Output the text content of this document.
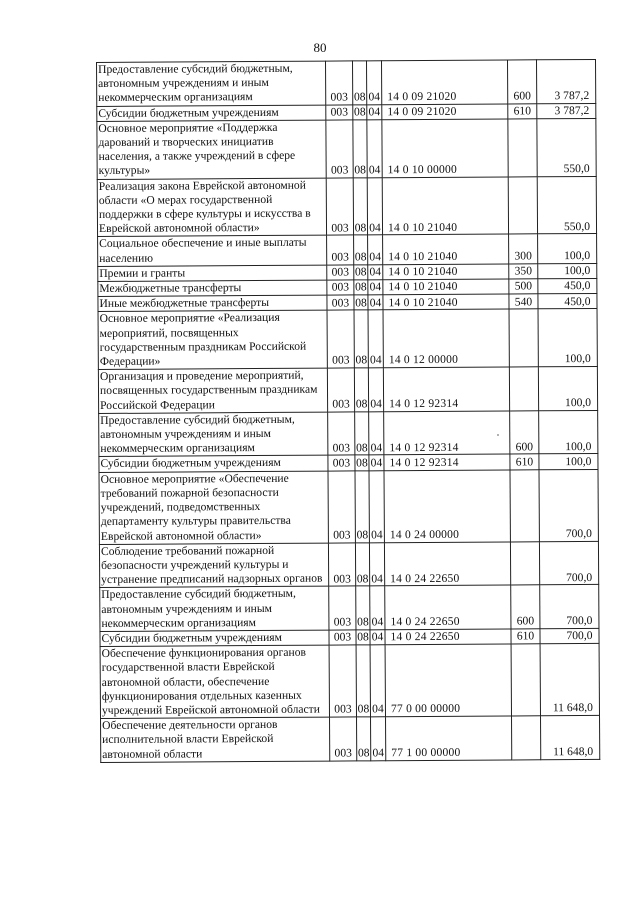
80
Предоставление субсидий бюджетным, автономным учреждениям и иным некоммерческим организациям	003	08	04	14 0 09 21020	600	3 787,2
Субсидии бюджетным учреждениям	003	08	04	14 0 09 21020	610	3 787,2
Основное мероприятие «Поддержка дарований и творческих инициатив населения, а также учреждений в сфере культуры»	003	08	04	14 0 10 00000		550,0
Реализация закона Еврейской автономной области «О мерах государственной поддержки в сфере культуры и искусства в Еврейской автономной области»	003	08	04	14 0 10 21040		550,0
Социальное обеспечение и иные выплаты населению	003	08	04	14 0 10 21040	300	100,0
Премии и гранты	003	08	04	14 0 10 21040	350	100,0
Межбюджетные трансферты	003	08	04	14 0 10 21040	500	450,0
Иные межбюджетные трансферты	003	08	04	14 0 10 21040	540	450,0
Основное мероприятие «Реализация мероприятий, посвященных государственным праздникам Российской Федерации»	003	08	04	14 0 12 00000		100,0
Организация и проведение мероприятий, посвященных государственным праздникам Российской Федерации	003	08	04	14 0 12 92314		100,0
Предоставление субсидий бюджетным, автономным учреждениям и иным некоммерческим организациям	003	08	04	14 0 12 92314	600	100,0
Субсидии бюджетным учреждениям	003	08	04	14 0 12 92314	610	100,0
Основное мероприятие «Обеспечение требований пожарной безопасности учреждений, подведомственных департаменту культуры правительства Еврейской автономной области»	003	08	04	14 0 24 00000		700,0
Соблюдение требований пожарной безопасности учреждений культуры и устранение предписаний надзорных органов	003	08	04	14 0 24 22650		700,0
Предоставление субсидий бюджетным, автономным учреждениям и иным некоммерческим организациям	003	08	04	14 0 24 22650	600	700,0
Субсидии бюджетным учреждениям	003	08	04	14 0 24 22650	610	700,0
Обеспечение функционирования органов государственной власти Еврейской автономной области, обеспечение функционирования отдельных казенных учреждений Еврейской автономной области	003	08	04	77 0 00 00000		11 648,0
Обеспечение деятельности органов исполнительной власти Еврейской автономной области	003	08	04	77 1 00 00000		11 648,0
